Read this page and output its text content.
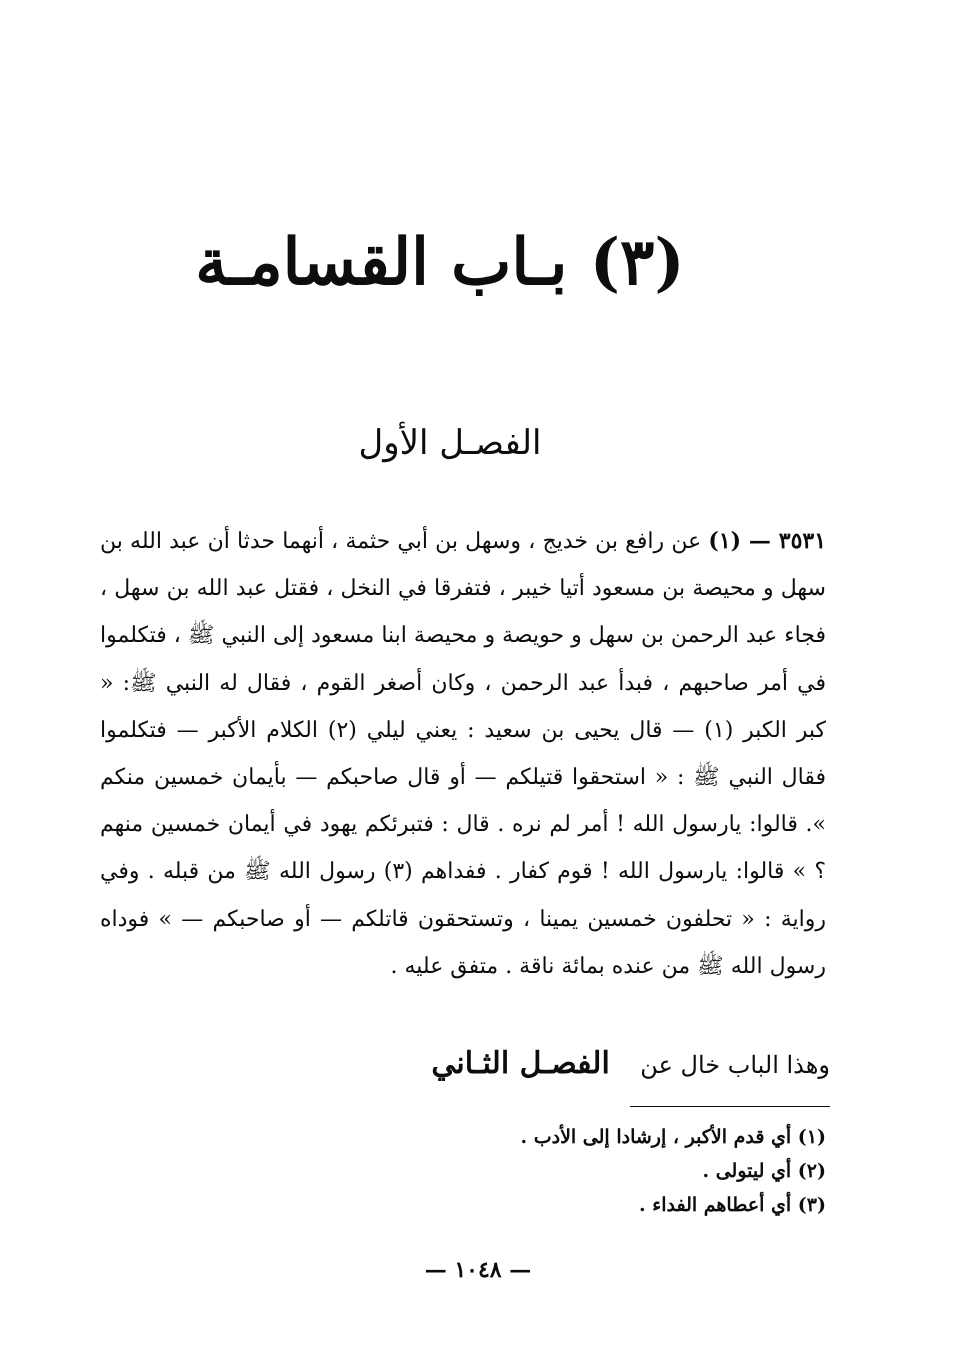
(٣) بـاب القسامـة
الفصـل الأول
٣٥٣١ — (١) عن رافع بن خديج ، وسهل بن أبي حثمة ، أنهما حدثا أن عبد الله بن سهل و محيصة بن مسعود أتيا خيبر ، فتفرقا في النخل ، فقتل عبد الله بن سهل ، فجاء عبد الرحمن بن سهل و حويصة و محيصة ابنا مسعود إلى النبي ﷺ ، فتكلموا في أمر صاحبهم ، فبدأ عبد الرحمن ، وكان أصغر القوم ، فقال له النبي ﷺ: « كبر الكبر (١) — قال يحيى بن سعيد : يعني ليلي (٢) الكلام الأكبر — فتكلموا فقال النبي ﷺ : « استحقوا قتيلكم — أو قال صاحبكم — بأيمان خمسين منكم ». قالوا: يارسول الله ! أمر لم نره . قال : فتبرئكم يهود في أيمان خمسين منهم ؟ » قالوا: يارسول الله ! قوم كفار . ففداهم (٣) رسول الله ﷺ من قبله . وفي رواية : « تحلفون خمسين يمينا ، وتستحقون قاتلكم — أو صاحبكم — » فوداه رسول الله ﷺ من عنده بمائة ناقة . متفق عليه .
وهذا الباب خال عن    الفصـل الثـاني
(١) أي قدم الأكبر ، إرشادا إلى الأدب .
(٢) أي ليتولى .
(٣) أي أعطاهم الفداء .
— ١٠٤٨ —
